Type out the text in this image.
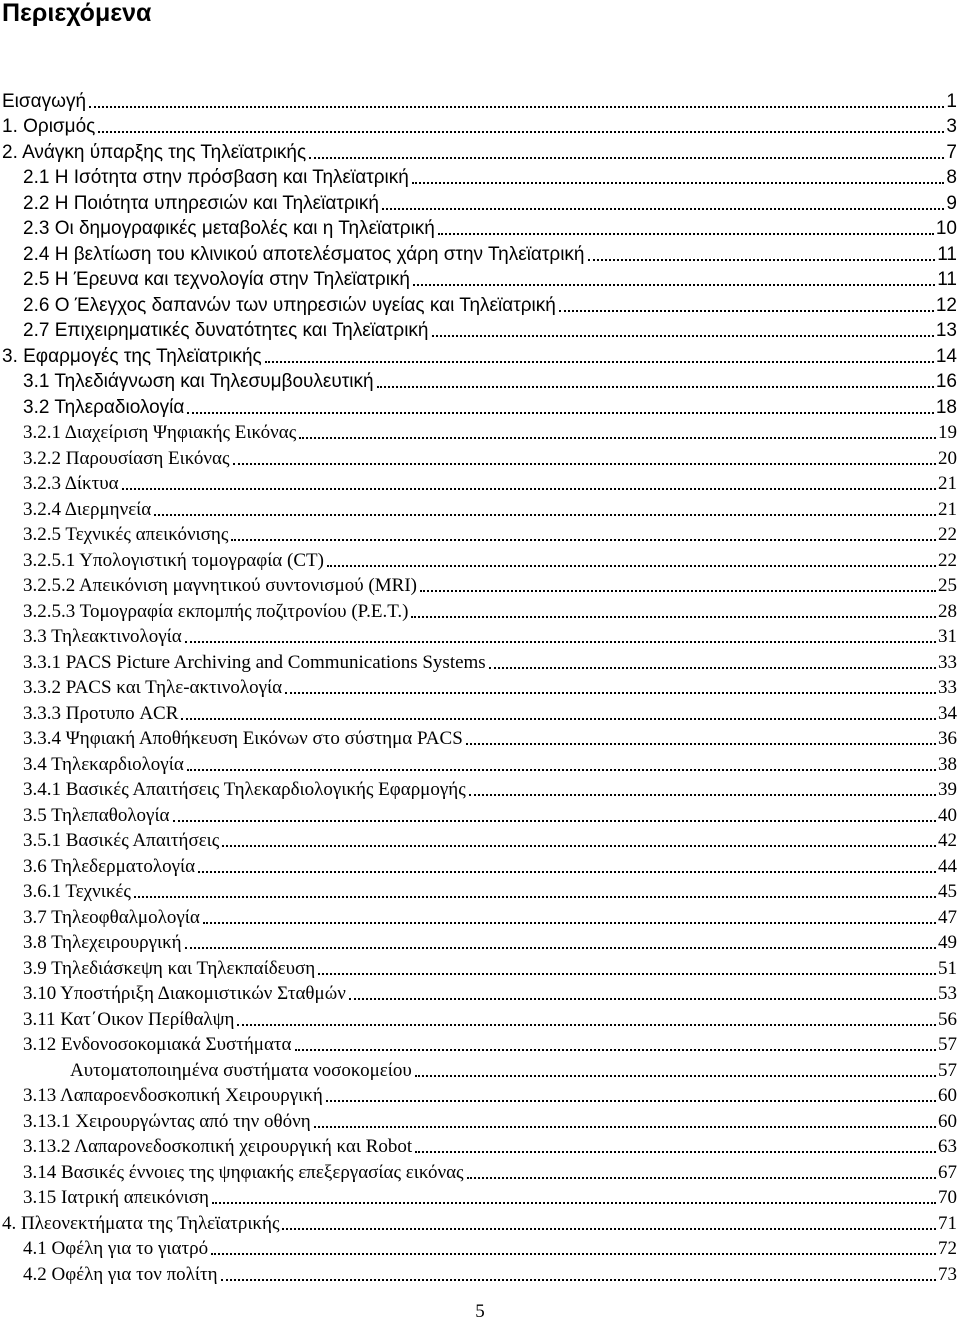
Περιεχόμενα
Εισαγωγή	1
1. Ορισμός	3
2. Ανάγκη ύπαρξης της Τηλεϊατρικής	7
2.1 Η Ισότητα στην πρόσβαση και Τηλεϊατρική	8
2.2 Η Ποιότητα υπηρεσιών και Τηλεϊατρική	9
2.3 Οι δημογραφικές μεταβολές και η Τηλεϊατρική	10
2.4 Η βελτίωση του κλινικού αποτελέσματος χάρη στην Τηλεϊατρική	11
2.5 Η Έρευνα και τεχνολογία στην Τηλεϊατρική	11
2.6 Ο Έλεγχος δαπανών των υπηρεσιών υγείας και Τηλεϊατρική	12
2.7 Επιχειρηματικές δυνατότητες και Τηλεϊατρική	13
3. Εφαρμογές της Τηλεϊατρικής	14
3.1 Τηλεδιάγνωση και Τηλεσυμβουλευτική	16
3.2 Τηλεραδιολογία	18
3.2.1 Διαχείριση Ψηφιακής Εικόνας	19
3.2.2 Παρουσίαση Εικόνας	20
3.2.3 Δίκτυα	21
3.2.4 Διερμηνεία	21
3.2.5 Τεχνικές απεικόνισης	22
3.2.5.1 Υπολογιστική τομογραφία (CT)	22
3.2.5.2 Απεικόνιση μαγνητικού συντονισμού (MRI)	25
3.2.5.3 Τομογραφία εκπομπής ποζιτρονίου (P.E.T.)	28
3.3 Τηλεακτινολογία	31
3.3.1 PACS Picture Archiving and Communications Systems	33
3.3.2 PACS και Τηλε-ακτινολογία	33
3.3.3 Προτυπο ACR	34
3.3.4 Ψηφιακή Αποθήκευση Εικόνων στο σύστημα PACS	36
3.4 Τηλεκαρδιολογία	38
3.4.1 Βασικές Απαιτήσεις Τηλεκαρδιολογικής Εφαρμογής	39
3.5 Τηλεπαθολογία	40
3.5.1 Βασικές Απαιτήσεις	42
3.6 Τηλεδερματολογία	44
3.6.1 Τεχνικές	45
3.7 Τηλεοφθαλμολογία	47
3.8 Τηλεχειρουργική	49
3.9 Τηλεδιάσκεψη και Τηλεκπαίδευση	51
3.10 Υποστήριξη Διακομιστικών Σταθμών	53
3.11 Κατ΄Οικον Περίθαλψη	56
3.12 Ενδονοσοκομιακά Συστήματα	57
Αυτοματοποιημένα συστήματα νοσοκομείου	57
3.13 Λαπαροενδοσκοπική Χειρουργική	60
3.13.1 Χειρουργώντας από την οθόνη	60
3.13.2 Λαπαρονεδοσκοπική χειρουργική και Robot	63
3.14 Βασικές έννοιες της ψηφιακής επεξεργασίας εικόνας	67
3.15 Ιατρική απεικόνιση	70
4. Πλεονεκτήματα της Τηλεϊατρικής	71
4.1 Οφέλη για το γιατρό	72
4.2 Οφέλη για τον πολίτη	73
5
